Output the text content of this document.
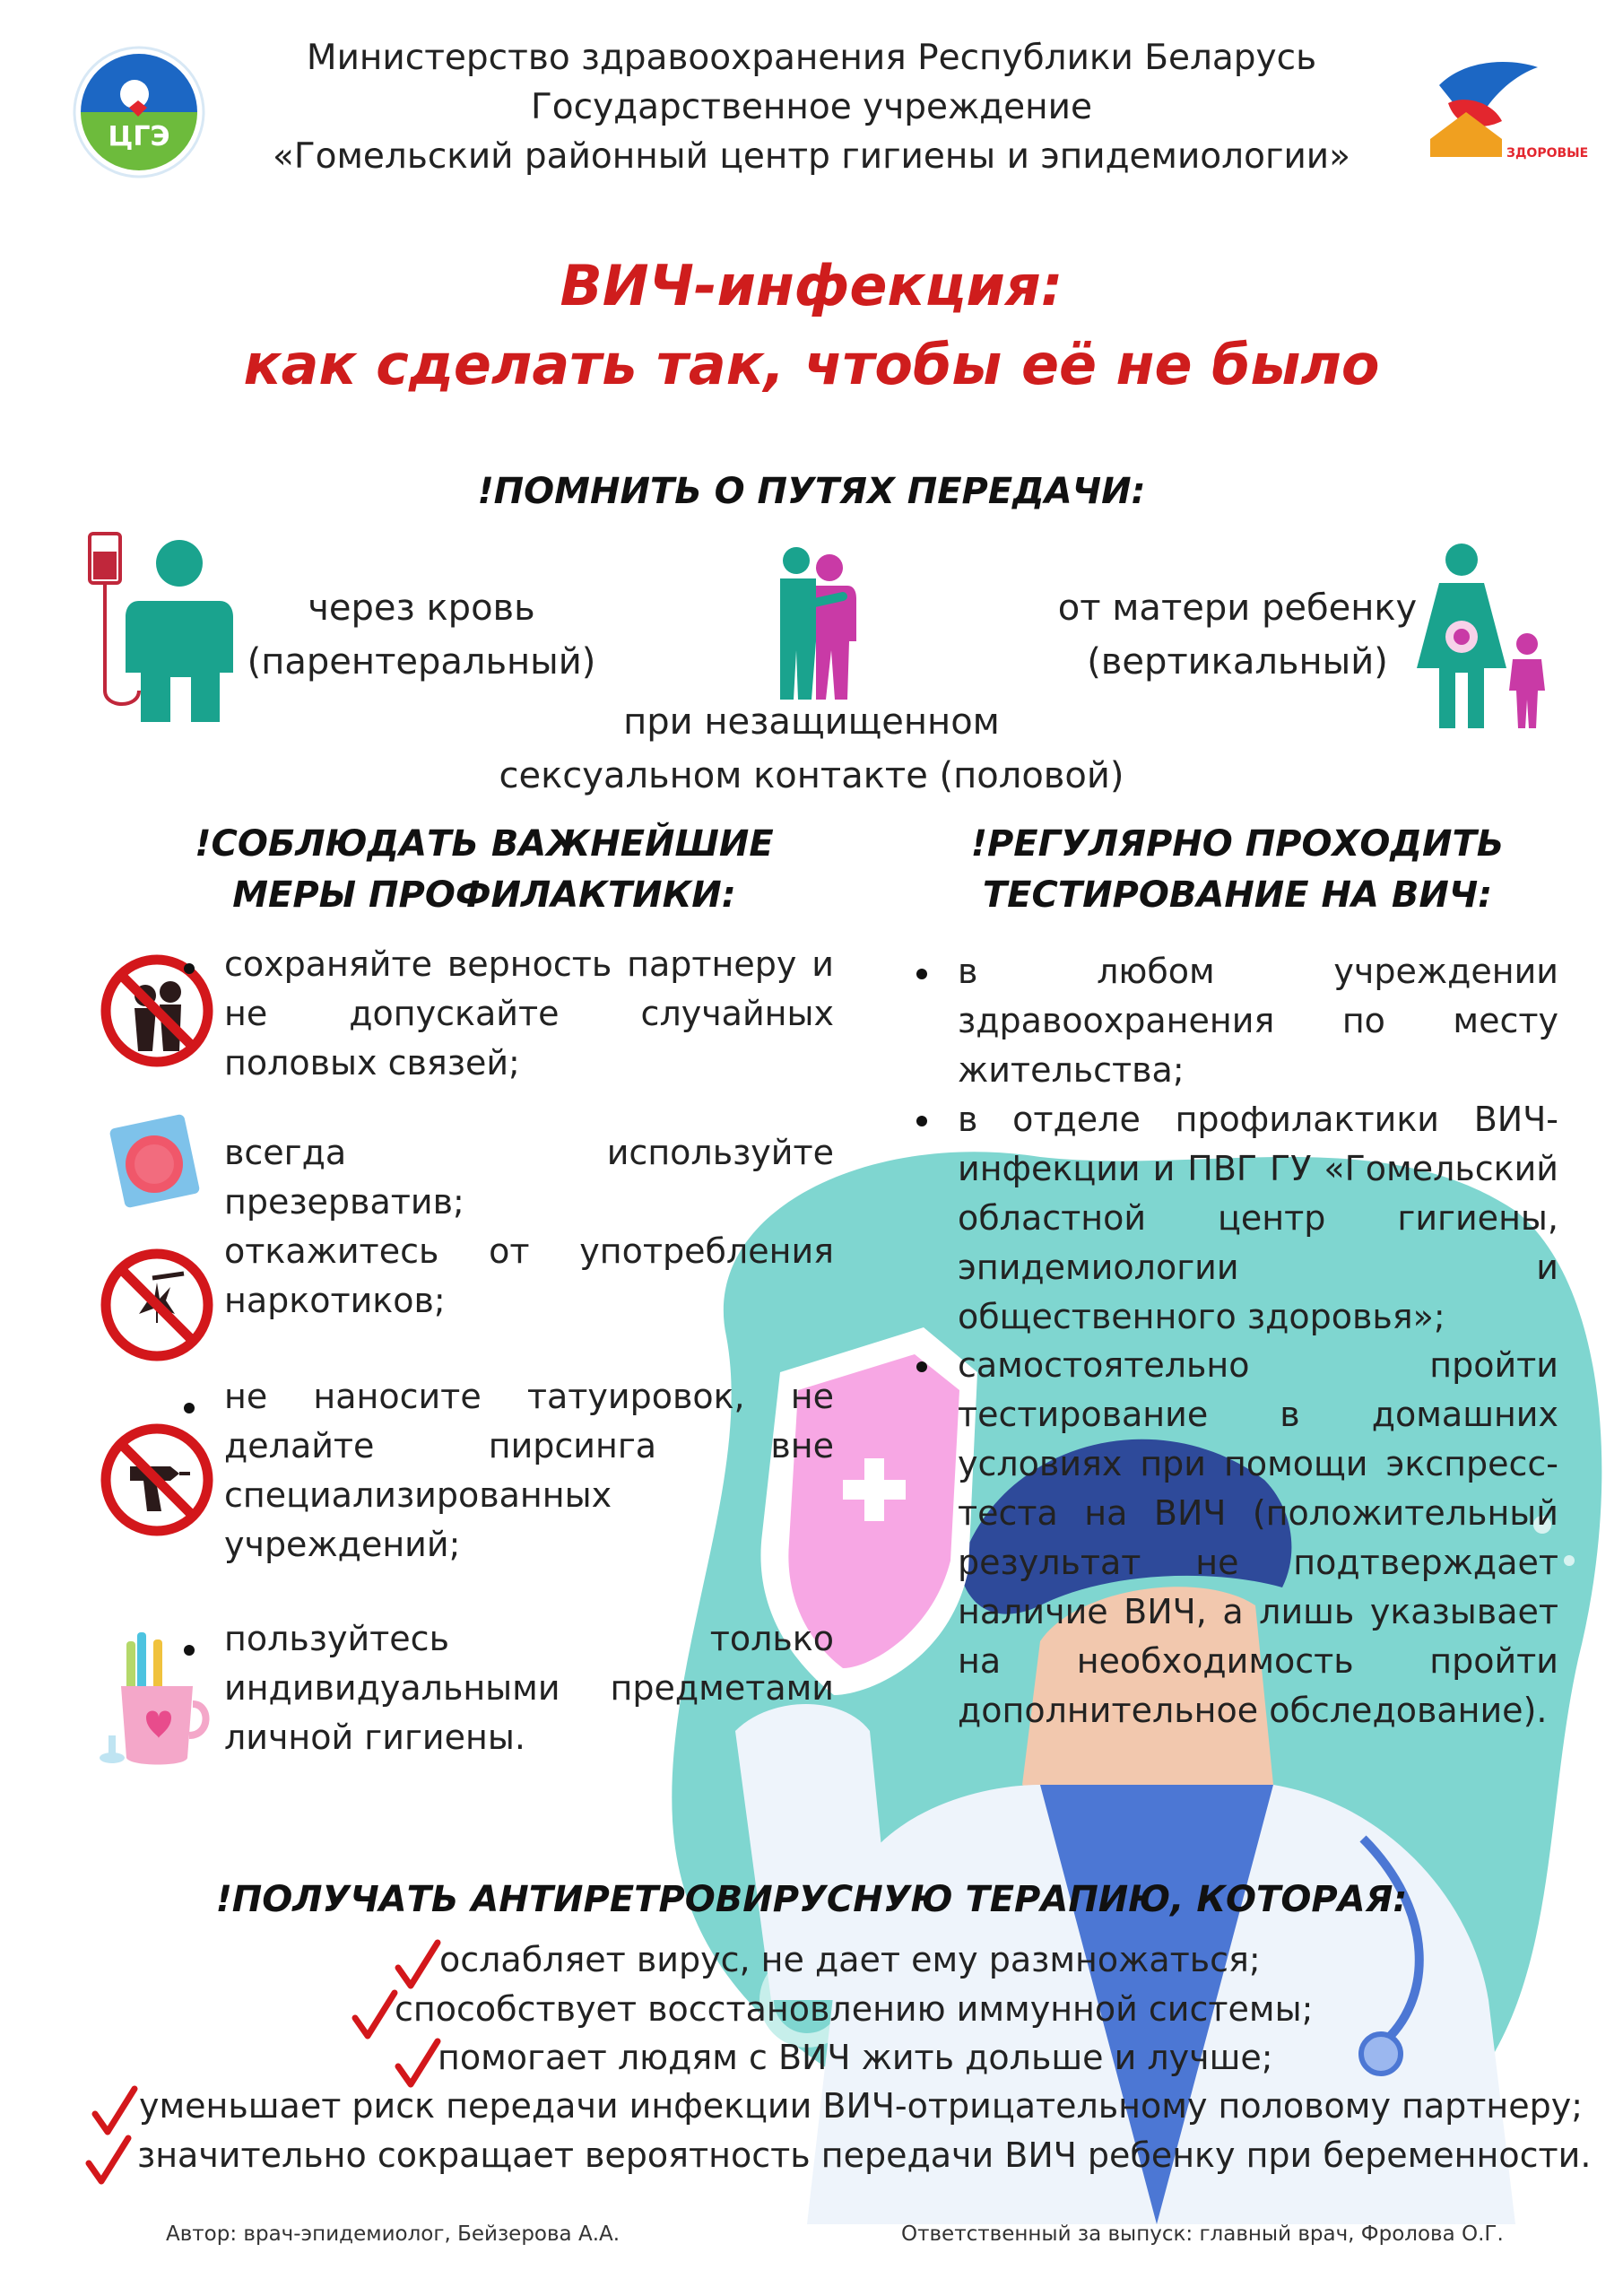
ЦГЭ
ЗДОРОВЫЕ
Министерство здравоохранения Республики Беларусь
Государственное учреждение
«Гомельский районный центр гигиены и эпидемиологии»
ВИЧ-инфекция:
как сделать так, чтобы её не было
!ПОМНИТЬ О ПУТЯХ ПЕРЕДАЧИ:
через кровь
(парентеральный)
от матери ребенку
(вертикальный)
при незащищенном
сексуальном контакте (половой)
!СОБЛЮДАТЬ ВАЖНЕЙШИЕ
МЕРЫ ПРОФИЛАКТИКИ:
сохраняйте верность партнеру и не допускайте случайных половых связей;
всегда используйте презерватив;
откажитесь от употребления наркотиков;
не наносите татуировок, не делайте пирсинга вне специализированных учреждений;
пользуйтесь только индивидуальными предметами личной гигиены.
!РЕГУЛЯРНО ПРОХОДИТЬ
ТЕСТИРОВАНИЕ НА ВИЧ:
в любом учреждении здравоохранения по месту жительства;
в отделе профилактики ВИЧ-инфекции и ПВГ ГУ «Гомельский областной центр гигиены, эпидемиологии и общественного здоровья»;
самостоятельно пройти тестирование в домашних условиях при помощи экспресс-теста на ВИЧ (положительный результат не подтверждает наличие ВИЧ, а лишь указывает на необходимость пройти дополнительное обследование).
!ПОЛУЧАТЬ АНТИРЕТРОВИРУСНУЮ ТЕРАПИЮ, КОТОРАЯ:
ослабляет вирус, не дает ему размножаться;
способствует восстановлению иммунной системы;
помогает людям с ВИЧ жить дольше и лучше;
уменьшает риск передачи инфекции ВИЧ-отрицательному половому партнеру;
значительно сокращает вероятность передачи ВИЧ ребенку при беременности.
Автор: врач-эпидемиолог, Бейзерова А.А.	Ответственный за выпуск: главный врач, Фролова О.Г.
